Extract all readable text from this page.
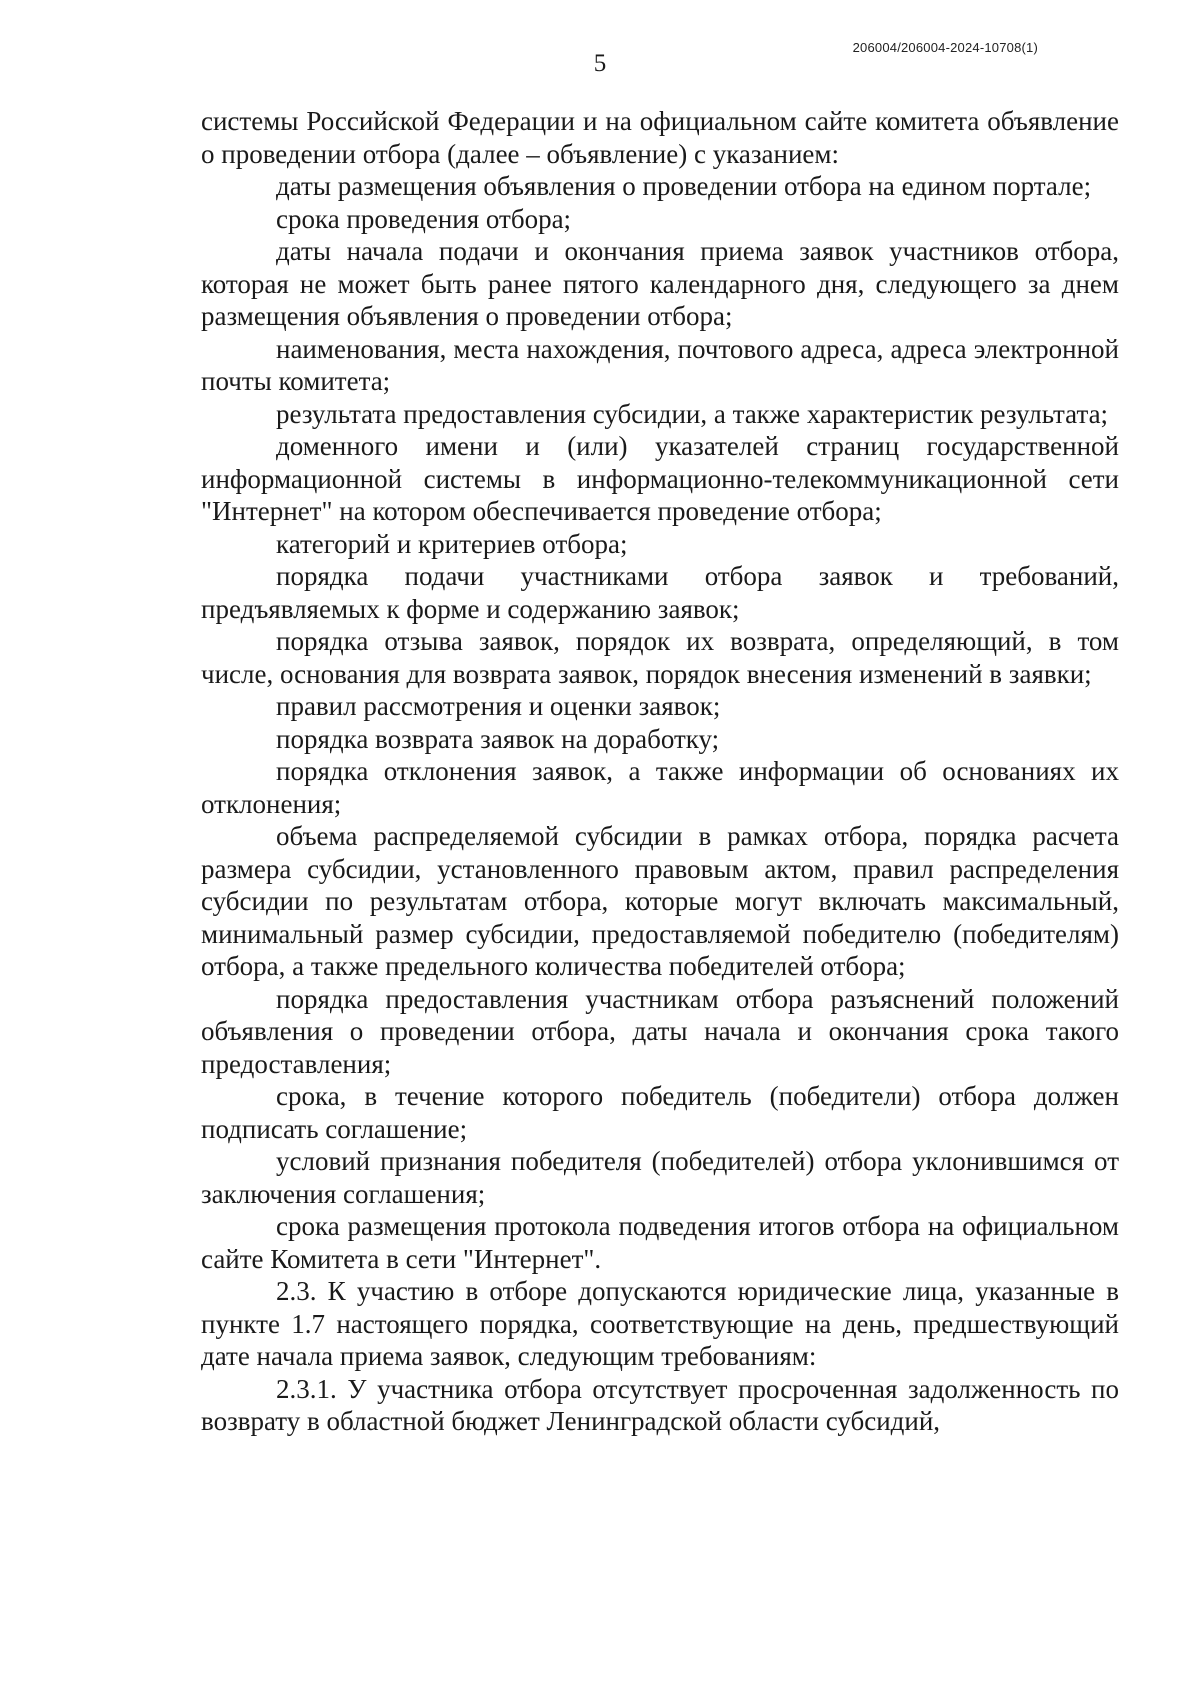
206004/206004-2024-10708(1)
5

системы Российской Федерации и на официальном сайте комитета объявление о проведении отбора (далее – объявление) с указанием:

даты размещения объявления о проведении отбора на едином портале;

срока проведения отбора;

даты начала подачи и окончания приема заявок участников отбора, которая не может быть ранее пятого календарного дня, следующего за днем размещения объявления о проведении отбора;

наименования, места нахождения, почтового адреса, адреса электронной почты комитета;

результата предоставления субсидии, а также характеристик результата;

доменного имени и (или) указателей страниц государственной информационной системы в информационно-телекоммуникационной сети "Интернет" на котором обеспечивается проведение отбора;

категорий и критериев отбора;

порядка подачи участниками отбора заявок и требований, предъявляемых к форме и содержанию заявок;

порядка отзыва заявок, порядок их возврата, определяющий, в том числе, основания для возврата заявок, порядок внесения изменений в заявки;

правил рассмотрения и оценки заявок;

порядка возврата заявок на доработку;

порядка отклонения заявок, а также информации об основаниях их отклонения;

объема распределяемой субсидии в рамках отбора, порядка расчета размера субсидии, установленного правовым актом, правил распределения субсидии по результатам отбора, которые могут включать максимальный, минимальный размер субсидии, предоставляемой победителю (победителям) отбора, а также предельного количества победителей отбора;

порядка предоставления участникам отбора разъяснений положений объявления о проведении отбора, даты начала и окончания срока такого предоставления;

срока, в течение которого победитель (победители) отбора должен подписать соглашение;

условий признания победителя (победителей) отбора уклонившимся от заключения соглашения;

срока размещения протокола подведения итогов отбора на официальном сайте Комитета в сети "Интернет".

2.3. К участию в отборе допускаются юридические лица, указанные в пункте 1.7 настоящего порядка, соответствующие на день, предшествующий дате начала приема заявок, следующим требованиям:

2.3.1. У участника отбора отсутствует просроченная задолженность по возврату в областной бюджет Ленинградской области субсидий,
